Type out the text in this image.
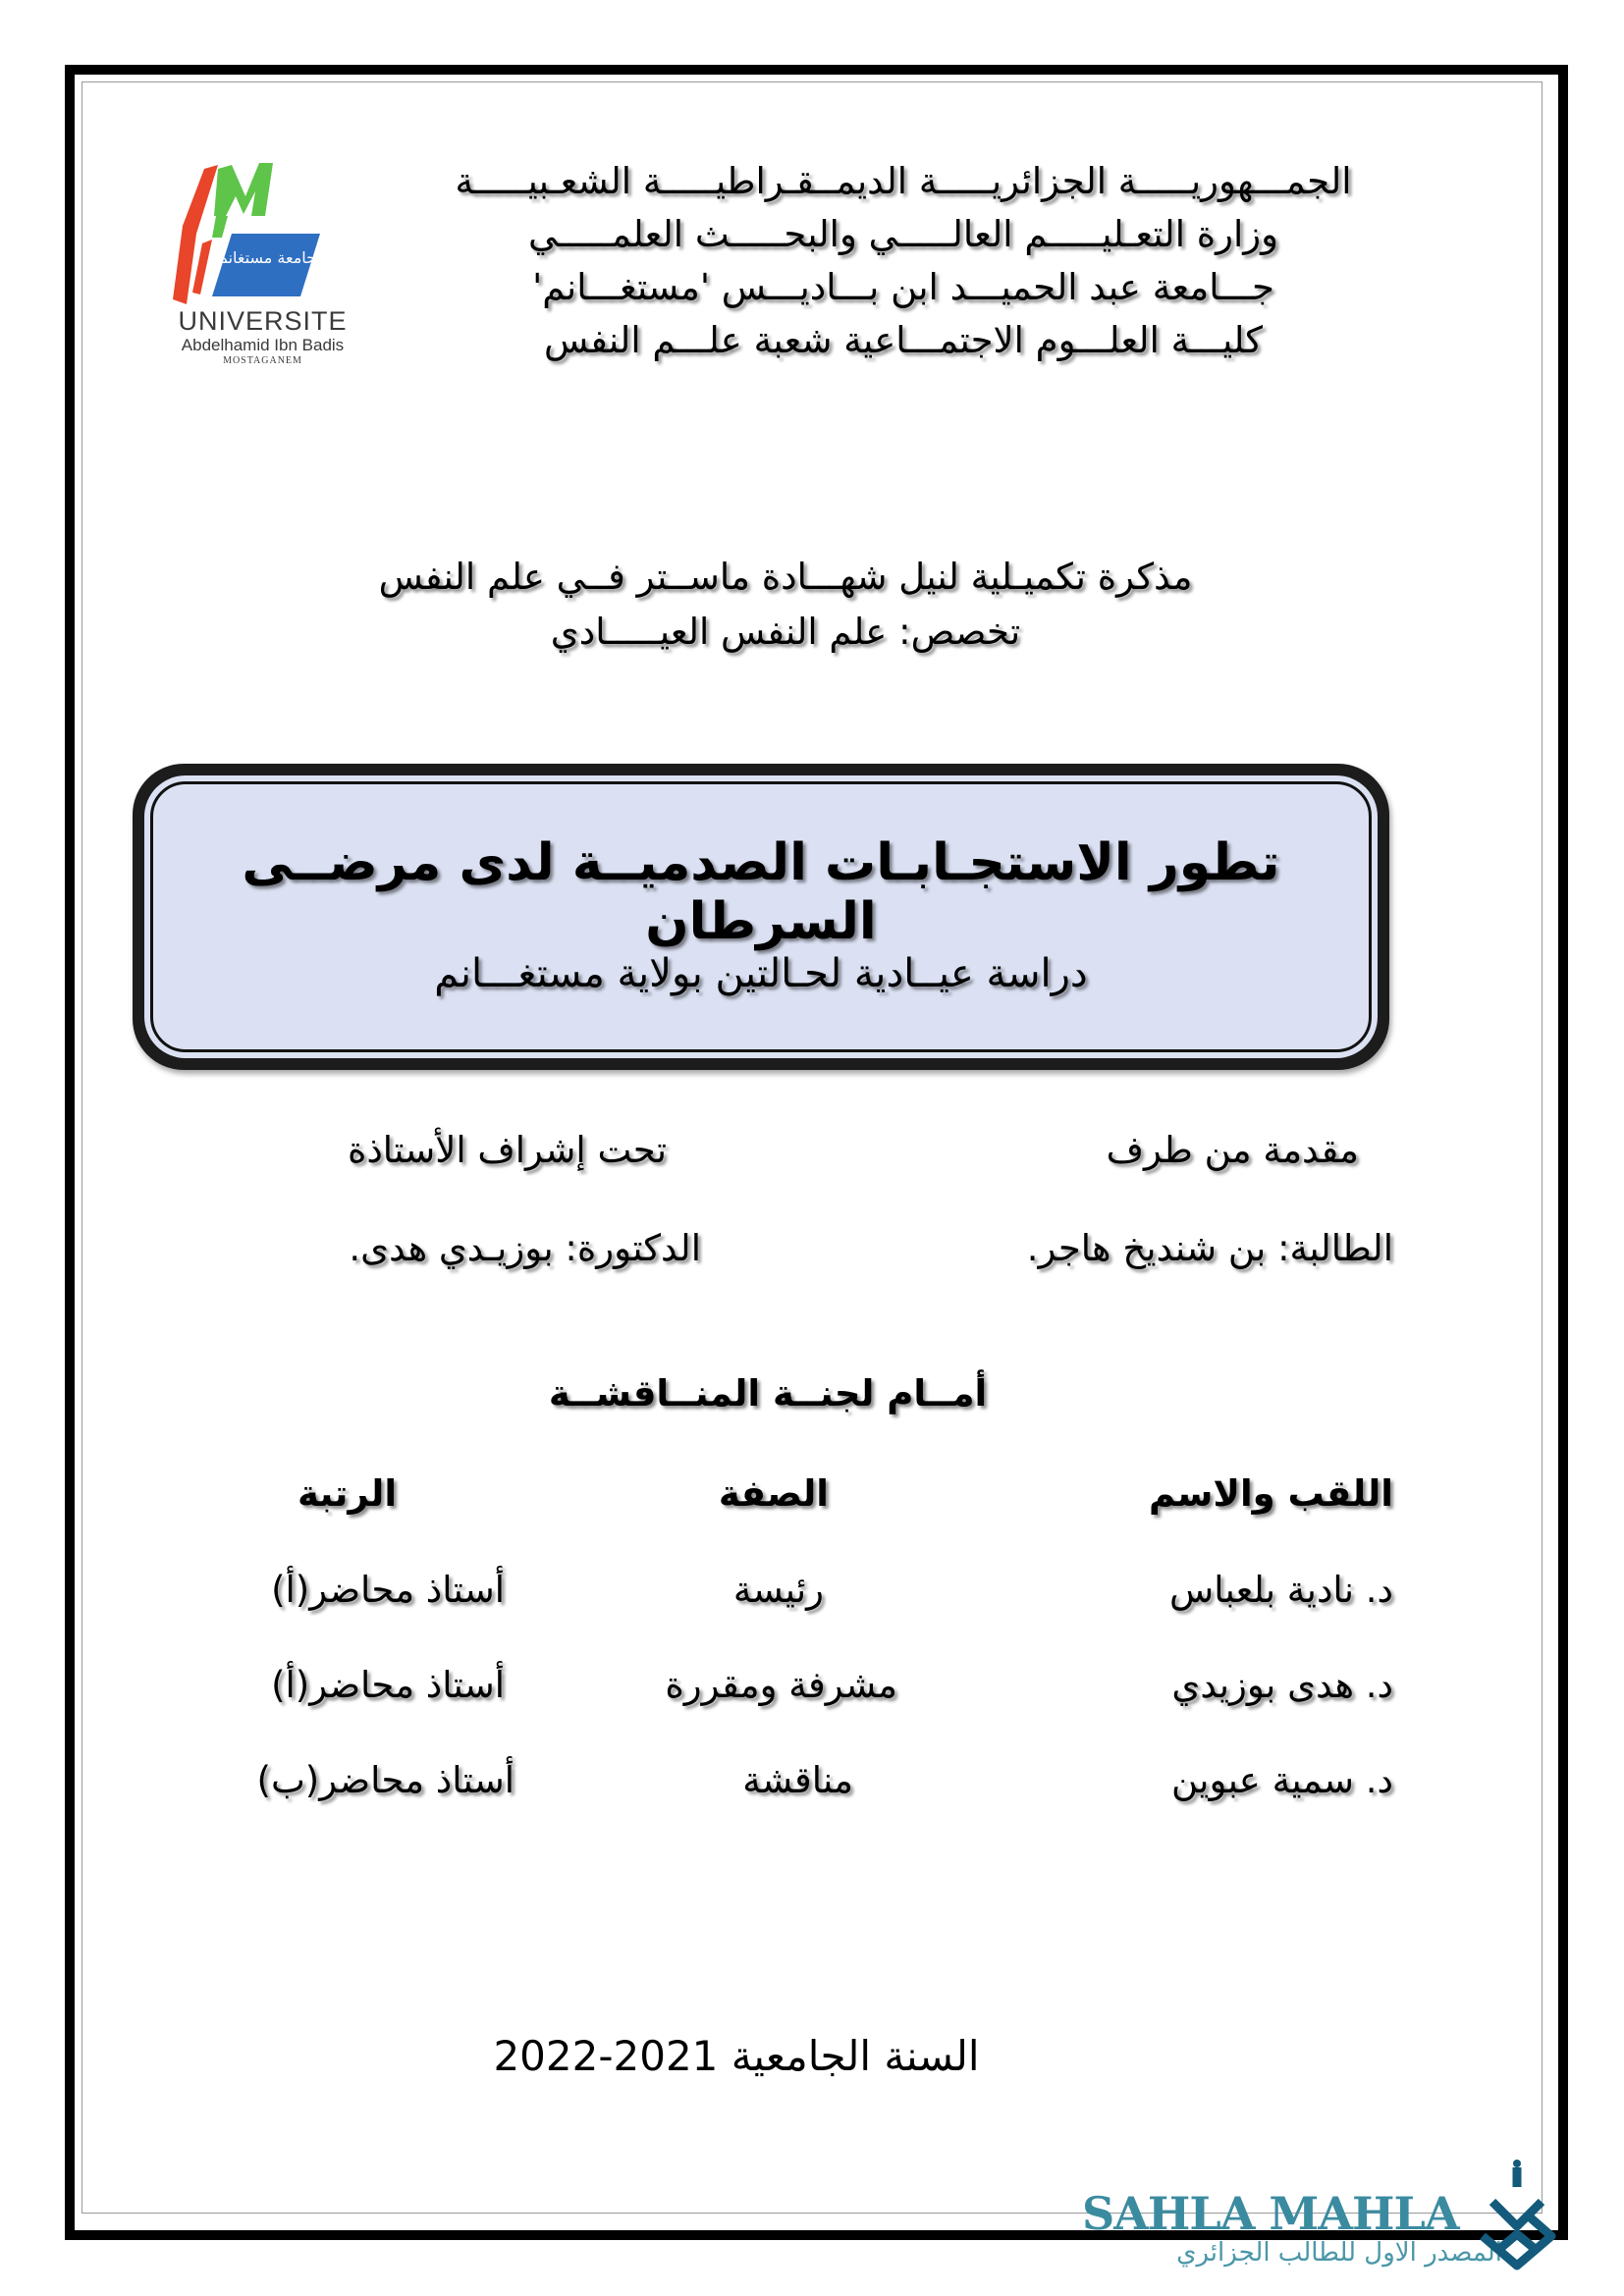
جامعة مستغانم
UNIVERSITE
Abdelhamid Ibn Badis
MOSTAGANEM
الجمـــهوريـــــة الجزائريـــــة الديمــقـراطيـــــة الشعـبيـــــة
وزارة التعـليـــــم العالـــــي والبحـــــث العلمـــــي
جـــامعة عبد الحميـــد ابن بـــاديـــس 'مستغـــانم'
كليـــة العلـــوم الاجتمـــاعية شعبة علـــم النفس
مذكرة تكميـلية لنيل شهـــادة ماســتر فــي علم النفس
تخصص: علم النفس العيـــــادي
تطور الاستجـابـات الصدميــة لدى مرضــى السرطان
دراسة عيــادية لحـالتين بولاية مستغـــانم
مقدمة من طرف
تحت إشراف الأستاذة
الطالبة: بن شنديخ هاجر.
الدكتورة: بوزيـدي هدى.
أمــام لجنــة المنــاقشــة
اللقب والاسم
الصفة
الرتبة
د. نادية بلعباس
رئيسة
أستاذ محاضر(أ)
د. هدى بوزيدي
مشرفة ومقررة
أستاذ محاضر(أ)
د. سمية عبوين
مناقشة
أستاذ محاضر(ب)
السنة الجامعية 2021-2022
SAHLA MAHLA
المصدر الاول للطالب الجزائري
